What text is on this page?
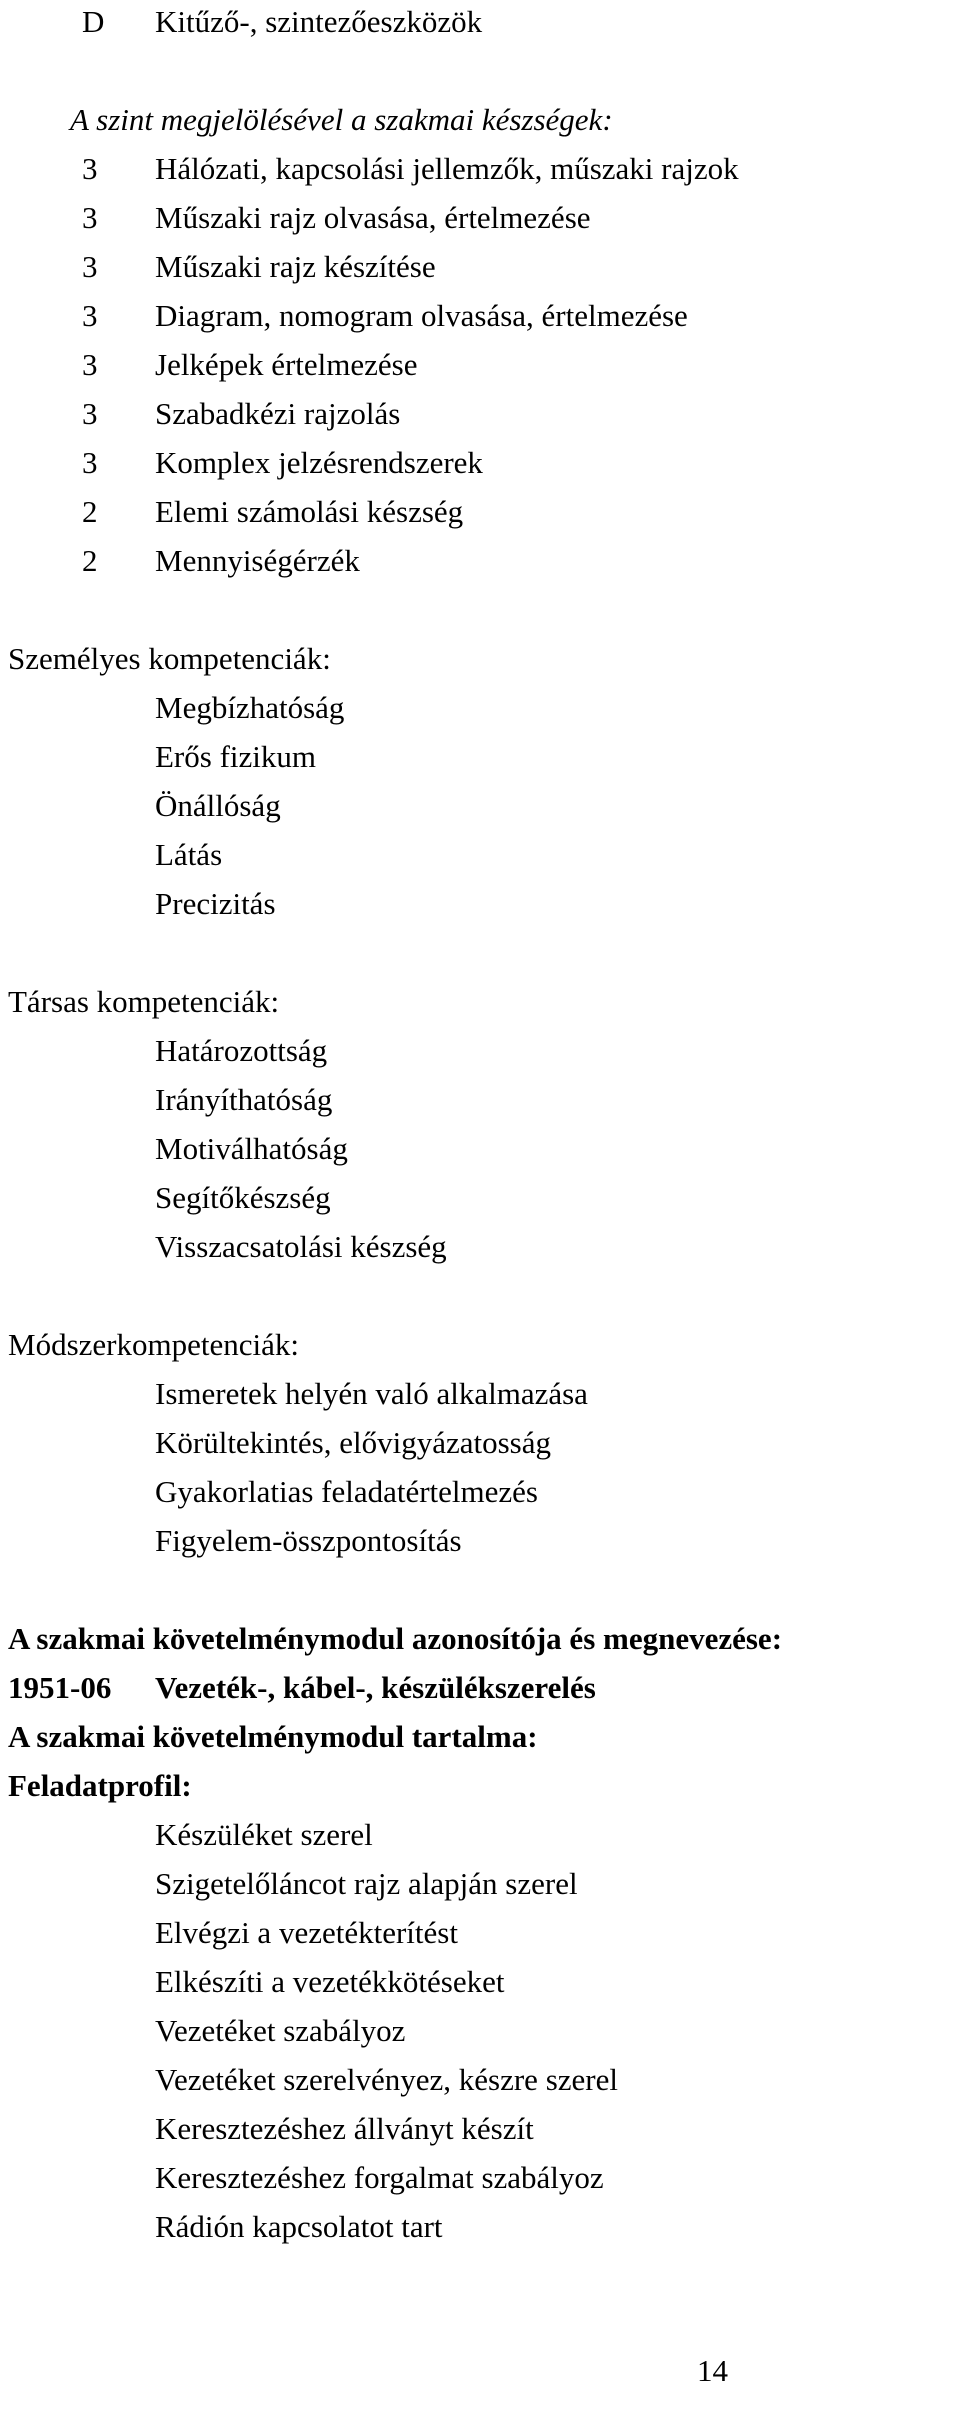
D Kitűző-, szintezőeszközök
A szint megjelölésével a szakmai készségek:
3 Hálózati, kapcsolási jellemzők, műszaki rajzok
3 Műszaki rajz olvasása, értelmezése
3 Műszaki rajz készítése
3 Diagram, nomogram olvasása, értelmezése
3 Jelképek értelmezése
3 Szabadkézi rajzolás
3 Komplex jelzésrendszerek
2 Elemi számolási készség
2 Mennyiségérzék
Személyes kompetenciák:
Megbízhatóság
Erős fizikum
Önállóság
Látás
Precizitás
Társas kompetenciák:
Határozottság
Irányíthatóság
Motiválhatóság
Segítőkészség
Visszacsatolási készség
Módszerkompetenciák:
Ismeretek helyén való alkalmazása
Körültekintés, elővigyázatosság
Gyakorlatias feladatértelmezés
Figyelem-összpontosítás
A szakmai követelménymodul azonosítója és megnevezése:
1951-06 Vezeték-, kábel-, készülékszerelés
A szakmai követelménymodul tartalma:
Feladatprofil:
Készüléket szerel
Szigetelőláncot rajz alapján szerel
Elvégzi a vezetékterítést
Elkészíti a vezetékkötéseket
Vezetéket szabályoz
Vezetéket szerelvényez, készre szerel
Keresztezéshez állványt készít
Keresztezéshez forgalmat szabályoz
Rádión kapcsolatot tart
14
